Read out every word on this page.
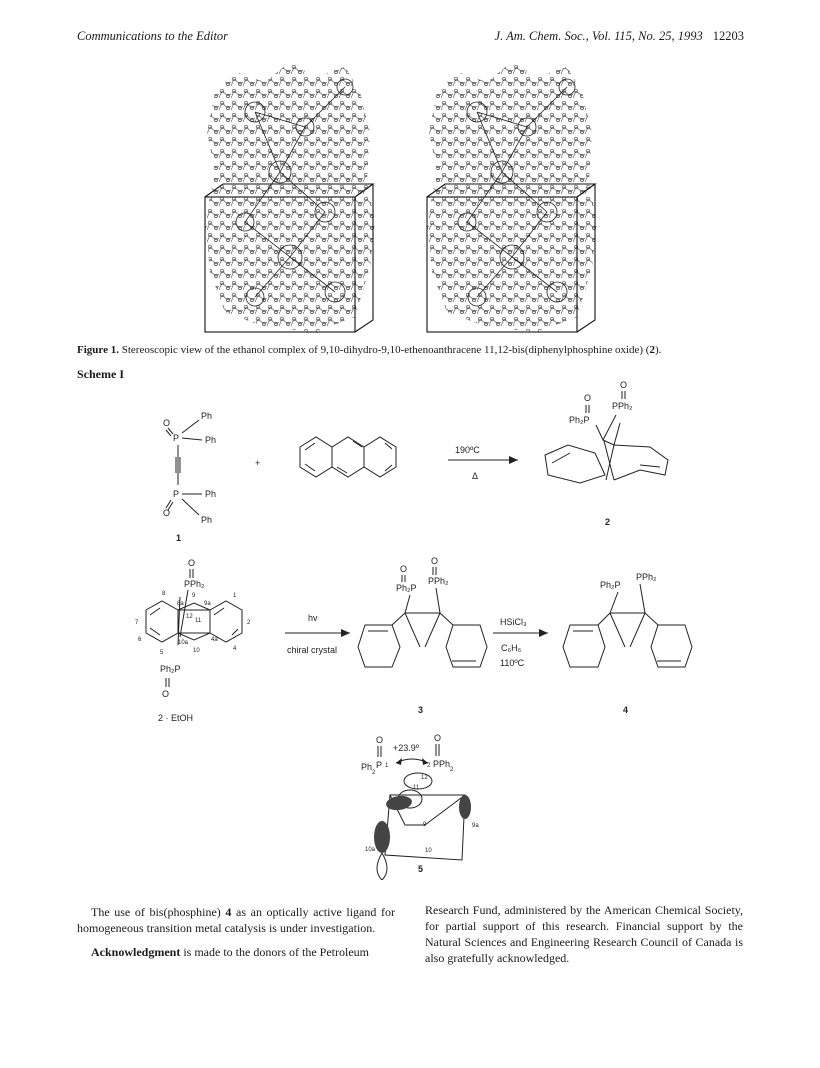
Communications to the Editor	J. Am. Chem. Soc., Vol. 115, No. 25, 1993 12203
Figure 1. Stereoscopic view of the ethanol complex of 9,10-dihydro-9,10-ethenoanthracene 11,12-bis(diphenylphosphine oxide) (2).
Scheme I
Ph
O
P	Ph
P	Ph
O
Ph
1
+
190ºC
Δ
O
PPh₂
O
Ph₂P
2
O
PPh₂
8
8a
9
9a
1
2
7
6
5
10a
10
11
12
4a
4
Ph₂P
O
2 · EtOH
hv
chiral crystal
O
O
Ph₂P
PPh₂
3
HSiCl₃
C₆H₆
110ºC
Ph₂P
PPh₂
4
O
$Ph_2$
P 1
+23.9º
O
2 PPh$_2$
12
11
9	9a
10
10a
5

The use of bis(phosphine) 4 as an optically active ligand for homogeneous transition metal catalysis is under investigation.

Acknowledgment is made to the donors of the Petroleum

Research Fund, administered by the American Chemical Society, for partial support of this research. Financial support by the Natural Sciences and Engineering Research Council of Canada is also gratefully acknowledged.
